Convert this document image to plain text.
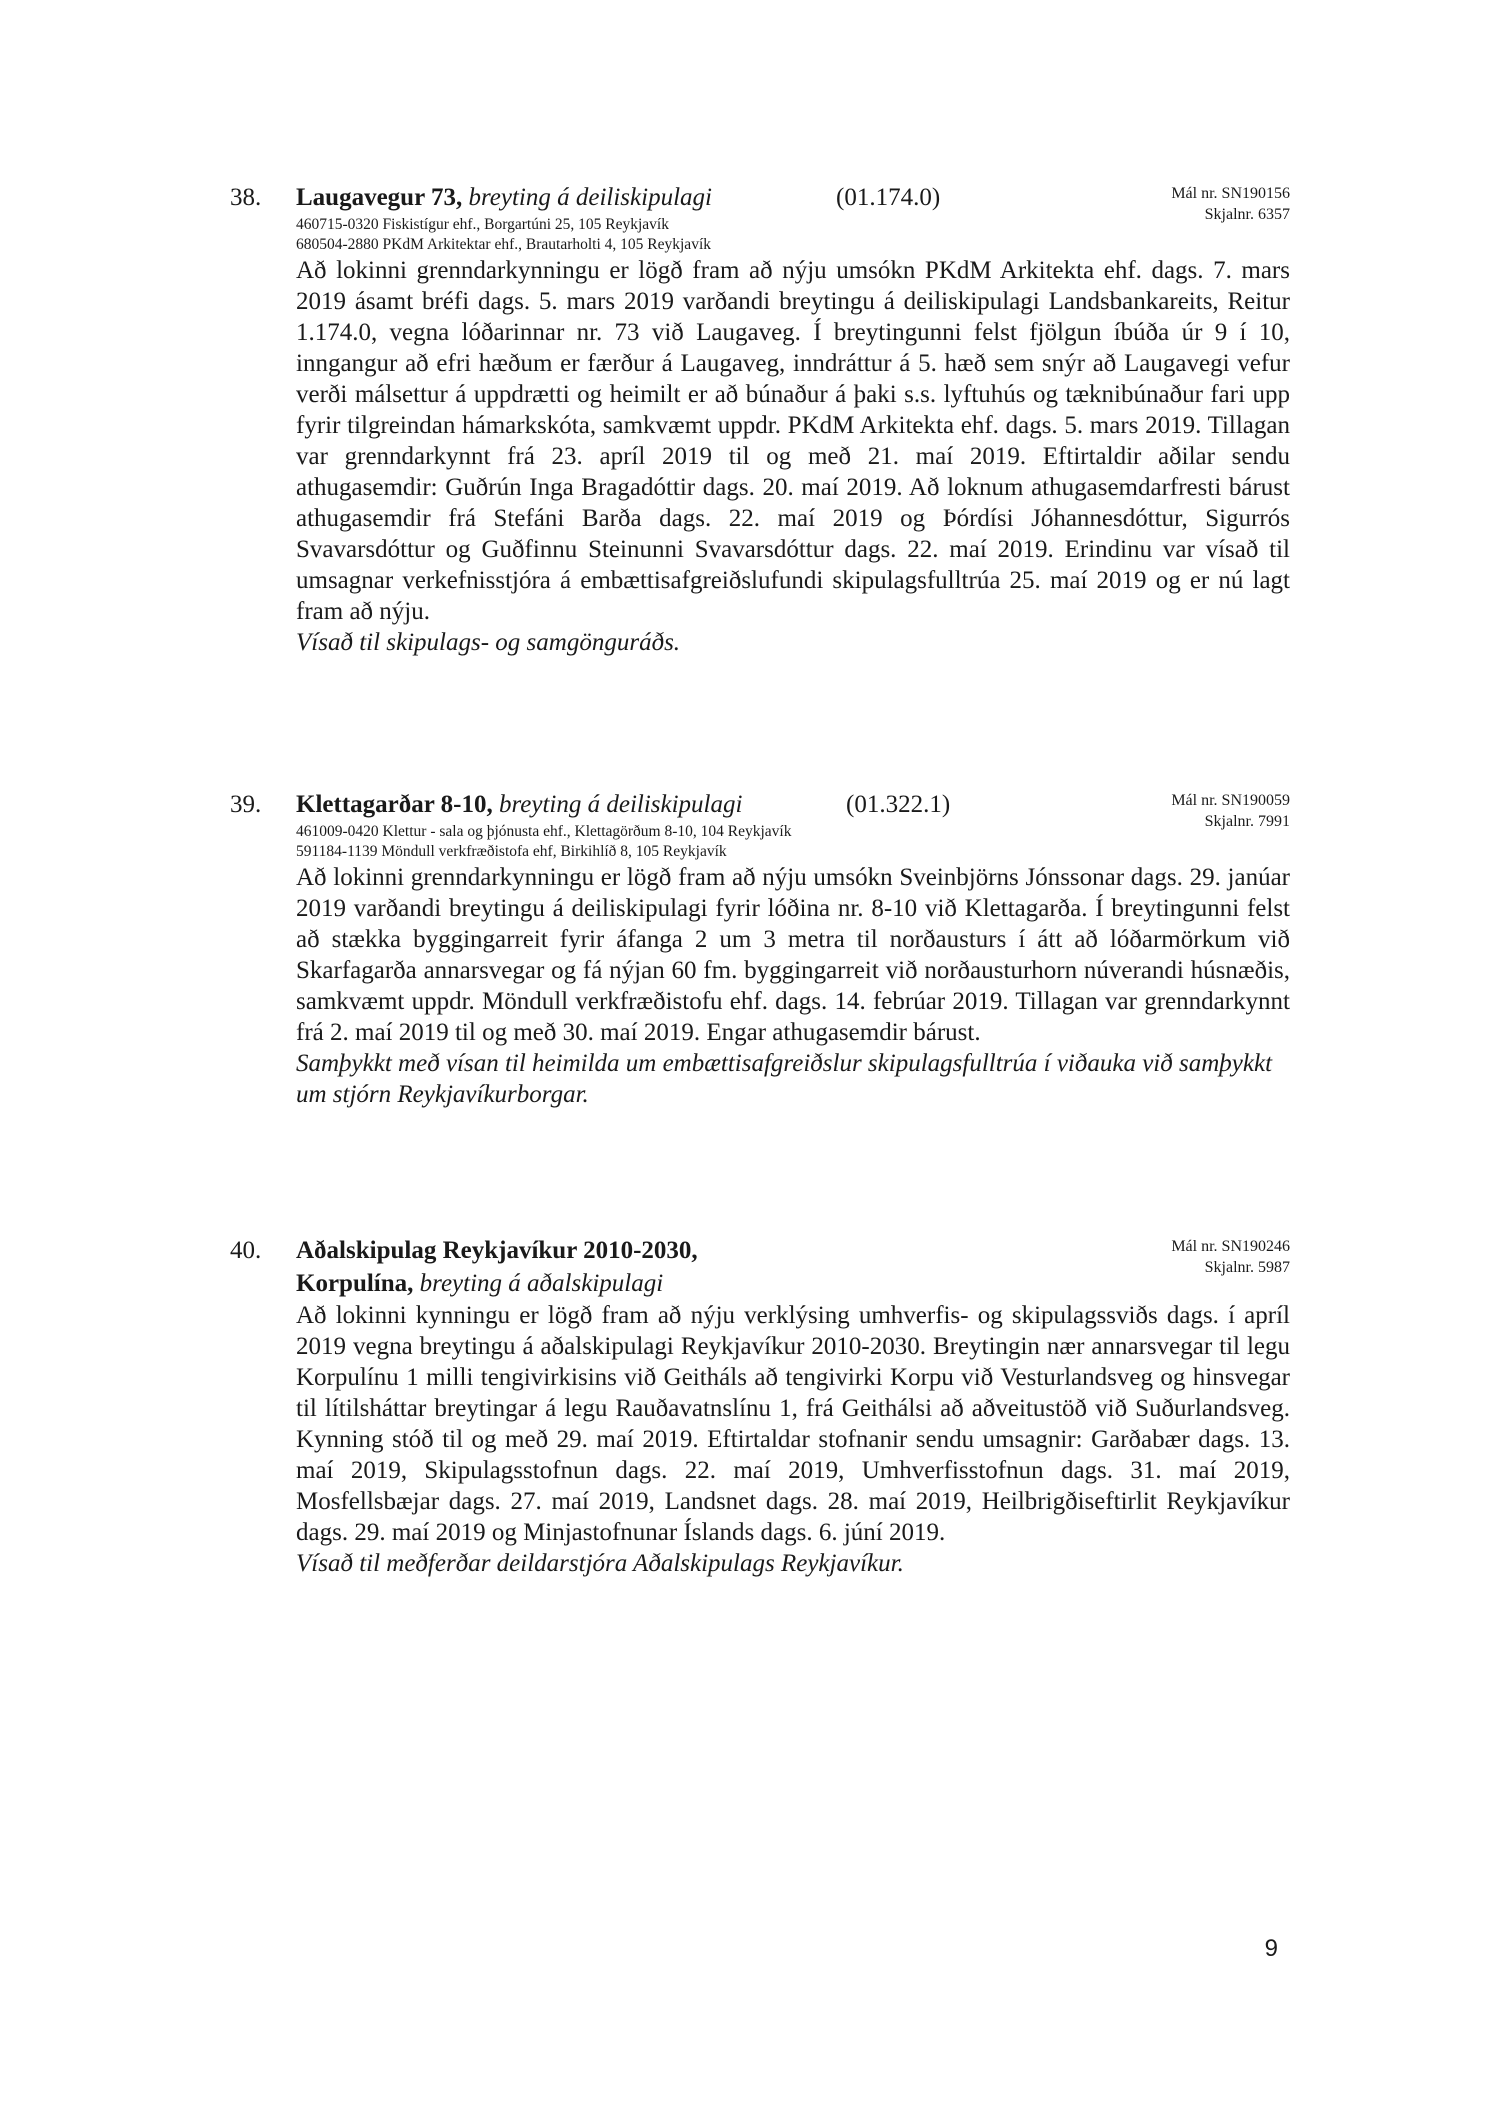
38. Laugavegur 73, breyting á deiliskipulagi	(01.174.0)	Mál nr. SN190156
Skjalnr. 6357
460715-0320 Fiskistígur ehf., Borgartúni 25, 105 Reykjavík
680504-2880 PKdM Arkitektar ehf., Brautarholti 4, 105 Reykjavík
Að lokinni grenndarkynningu er lögð fram að nýju umsókn PKdM Arkitekta ehf. dags. 7. mars 2019 ásamt bréfi dags. 5. mars 2019 varðandi breytingu á deiliskipulagi Landsbankareits, Reitur 1.174.0, vegna lóðarinnar nr. 73 við Laugaveg. Í breytingunni felst fjölgun íbúða úr 9 í 10, inngangur að efri hæðum er færður á Laugaveg, inndráttur á 5. hæð sem snýr að Laugavegi vefur verði málsettur á uppdrætti og heimilt er að búnaður á þaki s.s. lyftuhús og tæknibúnaður fari upp fyrir tilgreindan hámarkskóta, samkvæmt uppdr. PKdM Arkitekta ehf. dags. 5. mars 2019. Tillagan var grenndarkynnt frá 23. apríl 2019 til og með 21. maí 2019. Eftirtaldir aðilar sendu athugasemdir: Guðrún Inga Bragadóttir dags. 20. maí 2019. Að loknum athugasemdarfresti bárust athugasemdir frá Stefáni Barða dags. 22. maí 2019 og Þórdísi Jóhannesdóttur, Sigurrós Svavarsdóttur og Guðfinnu Steinunni Svavarsdóttur dags. 22. maí 2019. Erindinu var vísað til umsagnar verkefnisstjóra á embættisafgreiðslufundi skipulagsfulltrúa 25. maí 2019 og er nú lagt fram að nýju.
Vísað til skipulags- og samgönguráðs.
39. Klettagarðar 8-10, breyting á deiliskipulagi	(01.322.1)	Mál nr. SN190059
Skjalnr. 7991
461009-0420 Klettur - sala og þjónusta ehf., Klettagörðum 8-10, 104 Reykjavík
591184-1139 Möndull verkfræðistofa ehf, Birkihlíð 8, 105 Reykjavík
Að lokinni grenndarkynningu er lögð fram að nýju umsókn Sveinbjörns Jónssonar dags. 29. janúar 2019 varðandi breytingu á deiliskipulagi fyrir lóðina nr. 8-10 við Klettagarða. Í breytingunni felst að stækka byggingarreit fyrir áfanga 2 um 3 metra til norðausturs í átt að lóðarmörkum við Skarfagarða annarsvegar og fá nýjan 60 fm. byggingarreit við norðausturhorn núverandi húsnæðis, samkvæmt uppdr. Möndull verkfræðistofu ehf. dags. 14. febrúar 2019. Tillagan var grenndarkynnt frá 2. maí 2019 til og með 30. maí 2019. Engar athugasemdir bárust.
Samþykkt með vísan til heimilda um embættisafgreiðslur skipulagsfulltrúa í viðauka við samþykkt um stjórn Reykjavíkurborgar.
40. Aðalskipulag Reykjavíkur 2010-2030,
Korpulína, breyting á aðalskipulagi
Mál nr. SN190246
Skjalnr. 5987
Að lokinni kynningu er lögð fram að nýju verklýsing umhverfis- og skipulagssviðs dags. í apríl 2019 vegna breytingu á aðalskipulagi Reykjavíkur 2010-2030. Breytingin nær annarsvegar til legu Korpulínu 1 milli tengivirkisins við Geitháls að tengivirki Korpu við Vesturlandsveg og hinsvegar til lítilsháttar breytingar á legu Rauðavatnslínu 1, frá Geithálsi að aðveitustöð við Suðurlandsveg. Kynning stóð til og með 29. maí 2019. Eftirtaldar stofnanir sendu umsagnir: Garðabær dags. 13. maí 2019, Skipulagsstofnun dags. 22. maí 2019, Umhverfisstofnun dags. 31. maí 2019, Mosfellsbæjar dags. 27. maí 2019, Landsnet dags. 28. maí 2019, Heilbrigðiseftirlit Reykjavíkur dags. 29. maí 2019 og Minjastofnunar Íslands dags. 6. júní 2019.
Vísað til meðferðar deildarstjóra Aðalskipulags Reykjavíkur.
9
